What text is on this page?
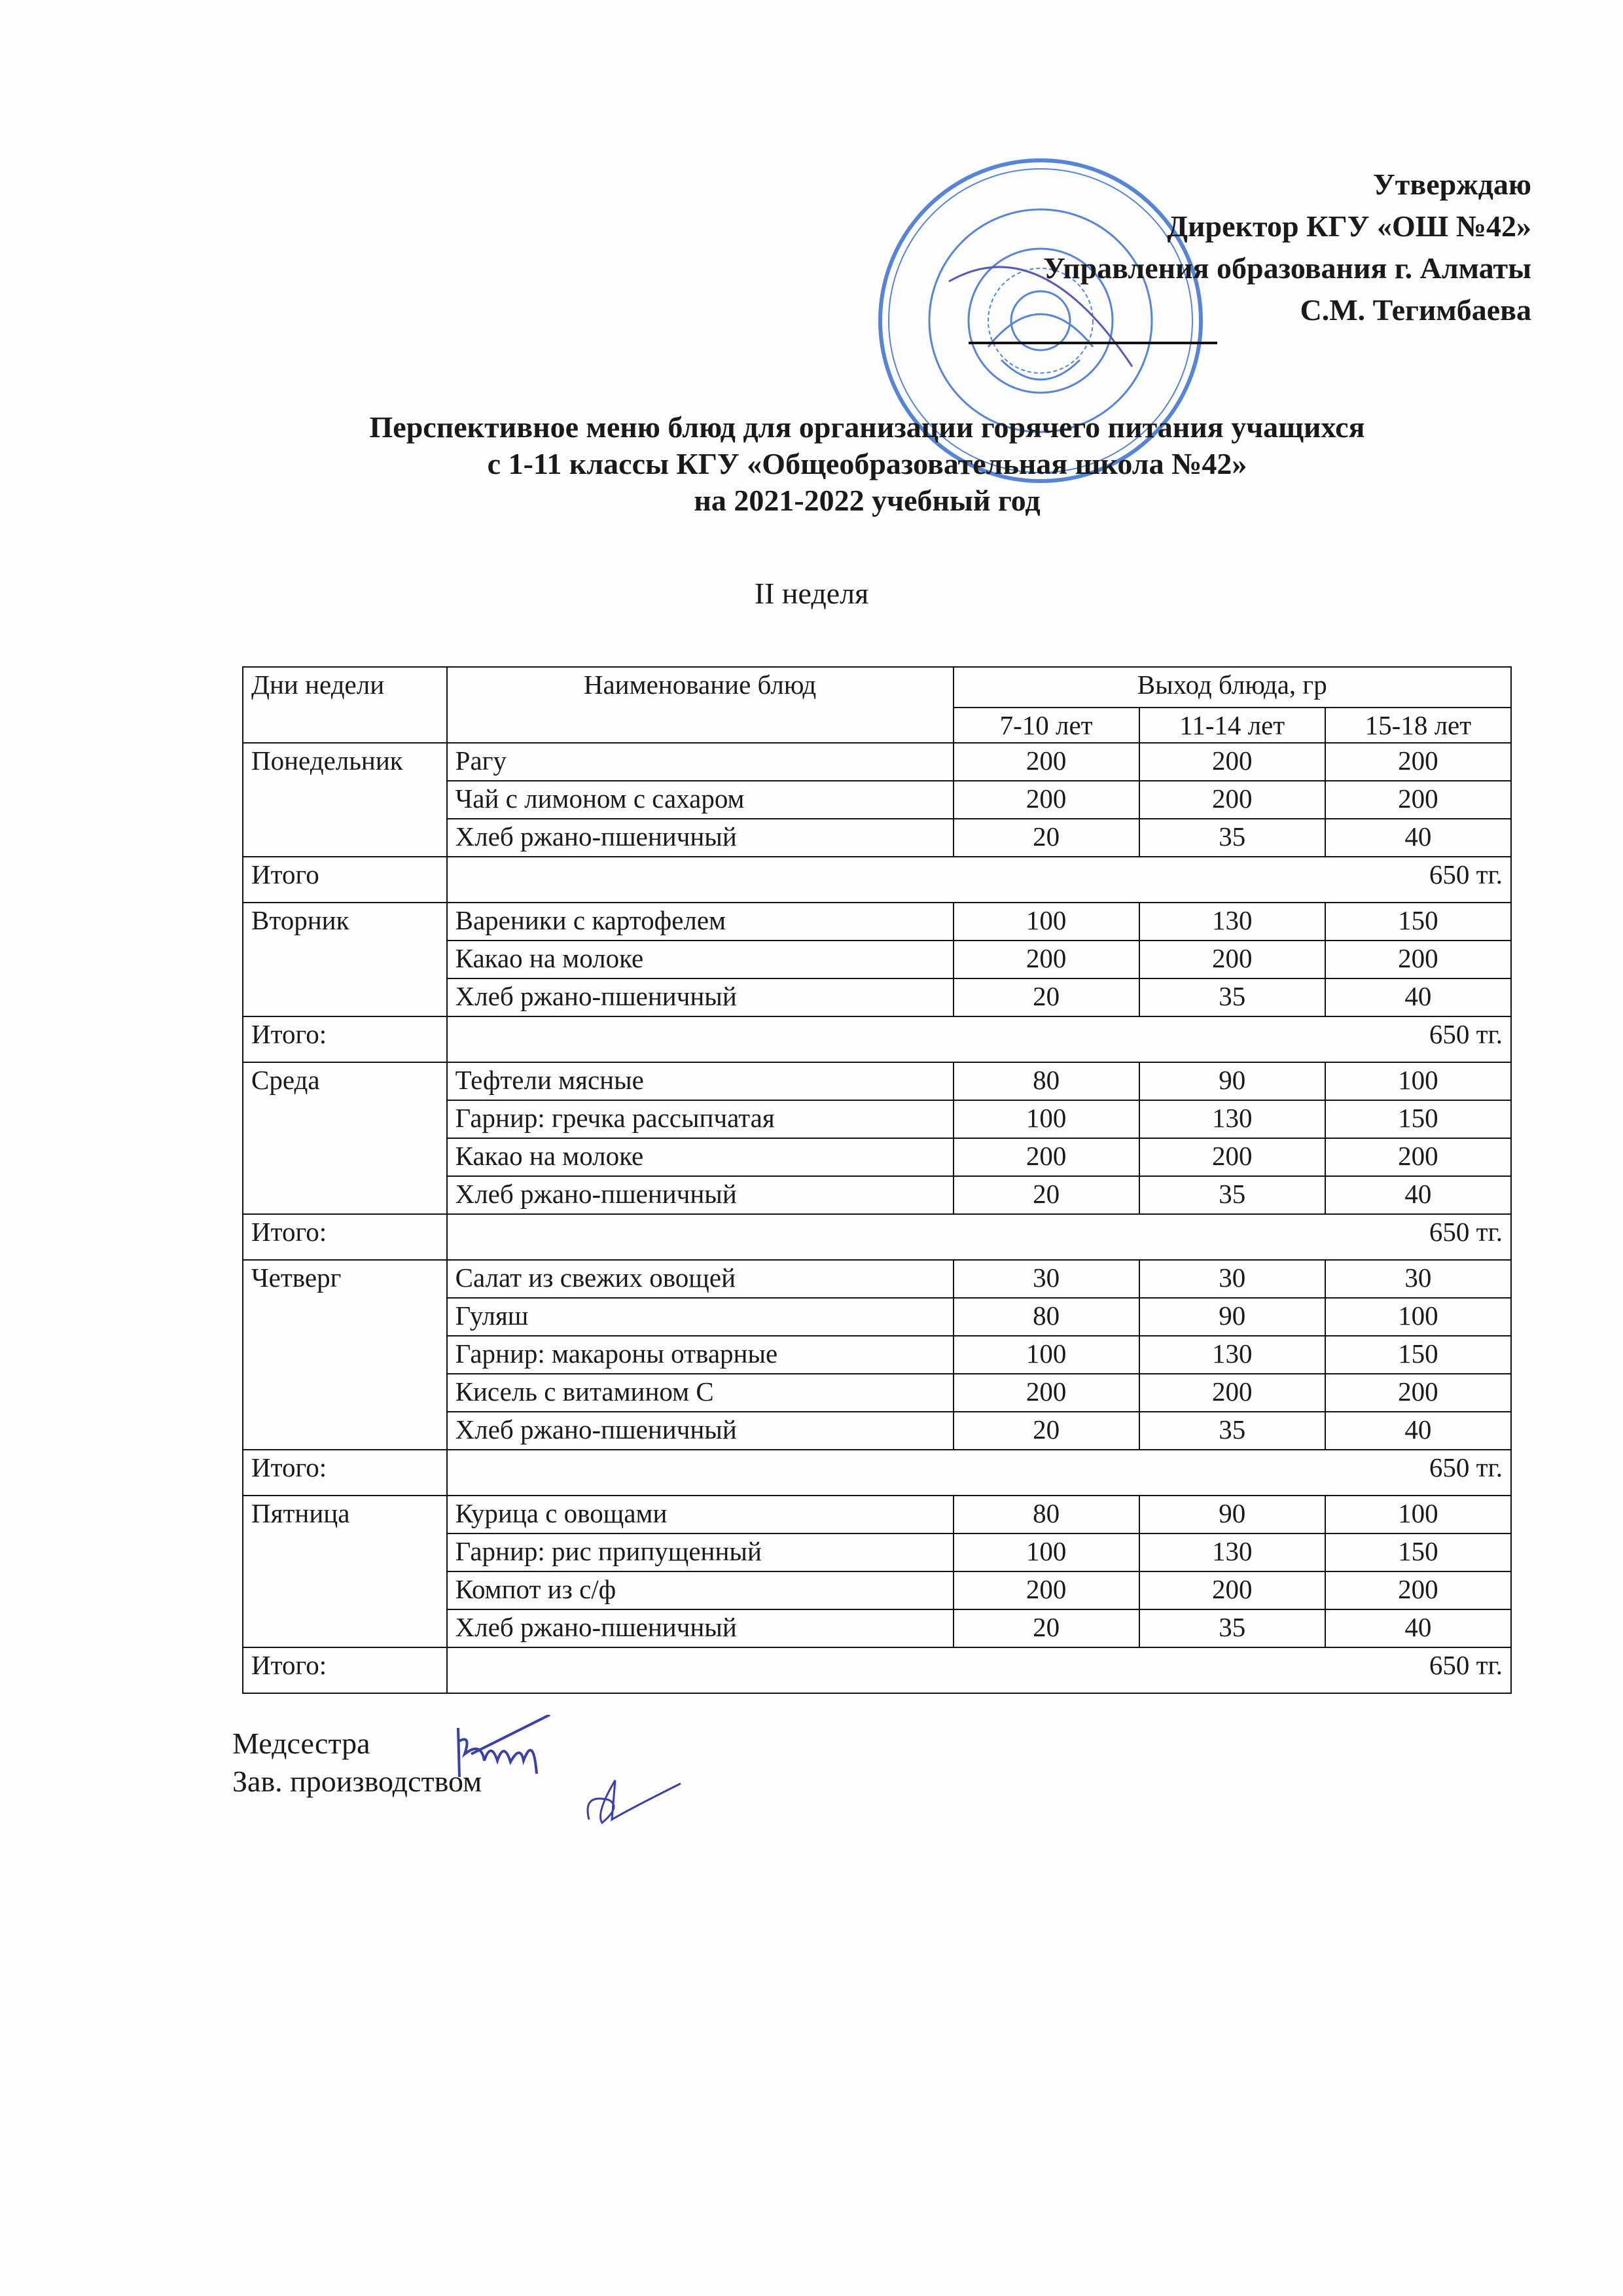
Утверждаю
Директор КГУ «ОШ №42»
Управления образования г. Алматы
С.М. Тегимбаева
Перспективное меню блюд для организации горячего питания учащихся
с 1-11 классы КГУ «Общеобразовательная школа №42»
на 2021-2022 учебный год
II неделя
Дни недели	Наименование блюд	Выход блюда, гр		
		7-10 лет	11-14 лет	15-18 лет
Понедельник	Рагу	200	200	200
	Чай с лимоном с сахаром	200	200	200
	Хлеб ржано-пшеничный	20	35	40
Итого	650 тг.			
Вторник	Вареники с картофелем	100	130	150
	Какао на молоке	200	200	200
	Хлеб ржано-пшеничный	20	35	40
Итого:	650 тг.			
Среда	Тефтели мясные	80	90	100
	Гарнир: гречка рассыпчатая	100	130	150
	Какао на молоке	200	200	200
	Хлеб ржано-пшеничный	20	35	40
Итого:	650 тг.			
Четверг	Салат из свежих овощей	30	30	30
	Гуляш	80	90	100
	Гарнир: макароны отварные	100	130	150
	Кисель с витамином С	200	200	200
	Хлеб ржано-пшеничный	20	35	40
Итого:	650 тг.			
Пятница	Курица с овощами	80	90	100
	Гарнир: рис припущенный	100	130	150
	Компот из с/ф	200	200	200
	Хлеб ржано-пшеничный	20	35	40
Итого:	650 тг.			
Медсестра
Зав. производством
